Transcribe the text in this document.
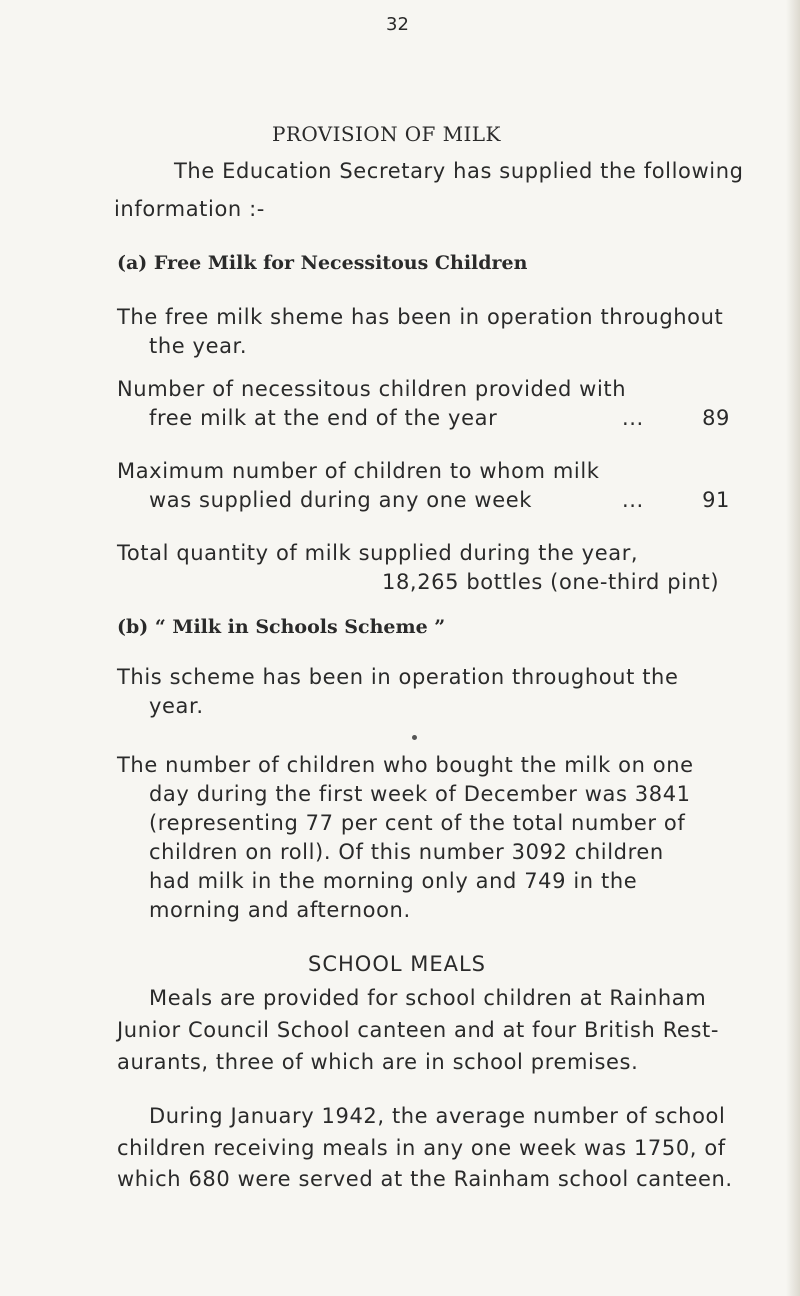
32
PROVISION OF MILK
The Education Secretary has supplied the following
information :-
(a) Free Milk for Necessitous Children
The free milk sheme has been in operation throughout
the year.
Number of necessitous children provided with
free milk at the end of the year	...	89
Maximum number of children to whom milk
was supplied during any one week	...	91
Total quantity of milk supplied during the year,
18,265 bottles (one-third pint)
(b) “ Milk in Schools Scheme ”
This scheme has been in operation throughout the
year.
The number of children who bought the milk on one
day during the first week of December was 3841
(representing 77 per cent of the total number of
children on roll). Of this number 3092 children
had milk in the morning only and 749 in the
morning and afternoon.
SCHOOL MEALS
Meals are provided for school children at Rainham
Junior Council School canteen and at four British Rest-
aurants, three of which are in school premises.
During January 1942, the average number of school
children receiving meals in any one week was 1750, of
which 680 were served at the Rainham school canteen.
